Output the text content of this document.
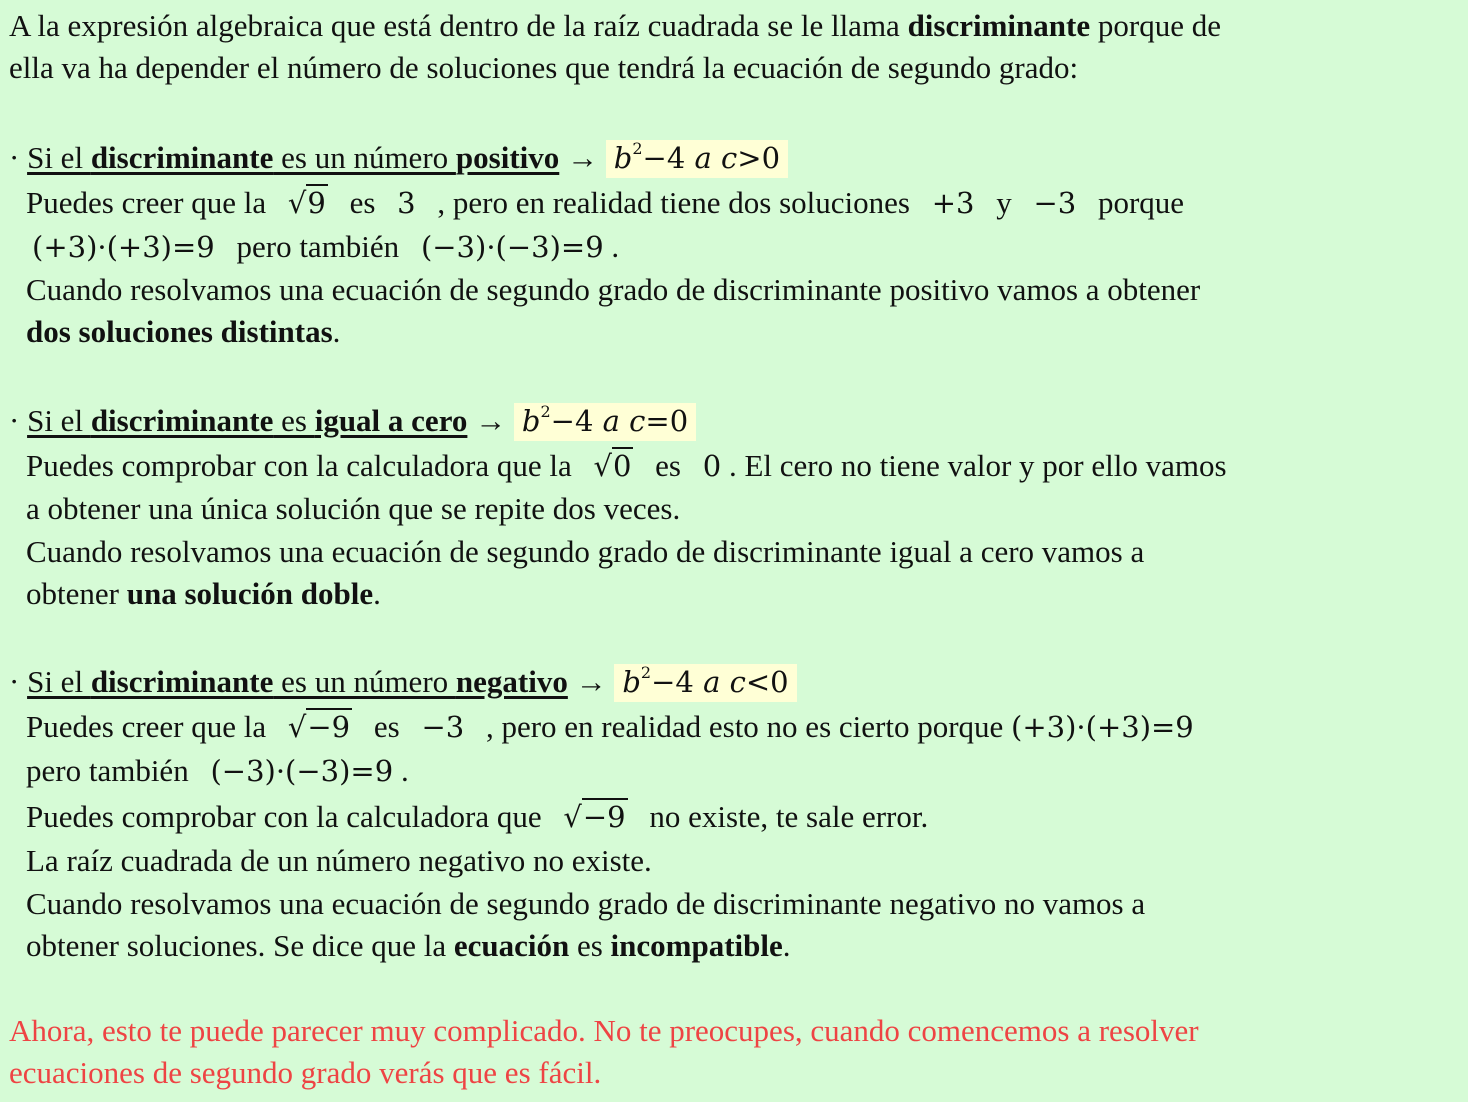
A la expresión algebraica que está dentro de la raíz cuadrada se le llama discriminante porque de
ella va ha depender el número de soluciones que tendrá la ecuación de segundo grado:
· Si el discriminante es un número positivo → $b^2-4$ a c>0
Puedes creer que la √9 es 3 , pero en realidad tiene dos soluciones +3 y −3 porque
(+3)·(+3)=9 pero también (−3)·(−3)=9 .
Cuando resolvamos una ecuación de segundo grado de discriminante positivo vamos a obtener
dos soluciones distintas.
· Si el discriminante es igual a cero → $b^2-4$ a c=0
Puedes comprobar con la calculadora que la √0 es 0 . El cero no tiene valor y por ello vamos
a obtener una única solución que se repite dos veces.
Cuando resolvamos una ecuación de segundo grado de discriminante igual a cero vamos a
obtener una solución doble.
· Si el discriminante es un número negativo → $b^2-4$ a c<0
Puedes creer que la √−9 es −3 , pero en realidad esto no es cierto porque (+3)·(+3)=9
pero también (−3)·(−3)=9 .
Puedes comprobar con la calculadora que √−9 no existe, te sale error.
La raíz cuadrada de un número negativo no existe.
Cuando resolvamos una ecuación de segundo grado de discriminante negativo no vamos a
obtener soluciones. Se dice que la ecuación es incompatible.
Ahora, esto te puede parecer muy complicado. No te preocupes, cuando comencemos a resolver
ecuaciones de segundo grado verás que es fácil.
